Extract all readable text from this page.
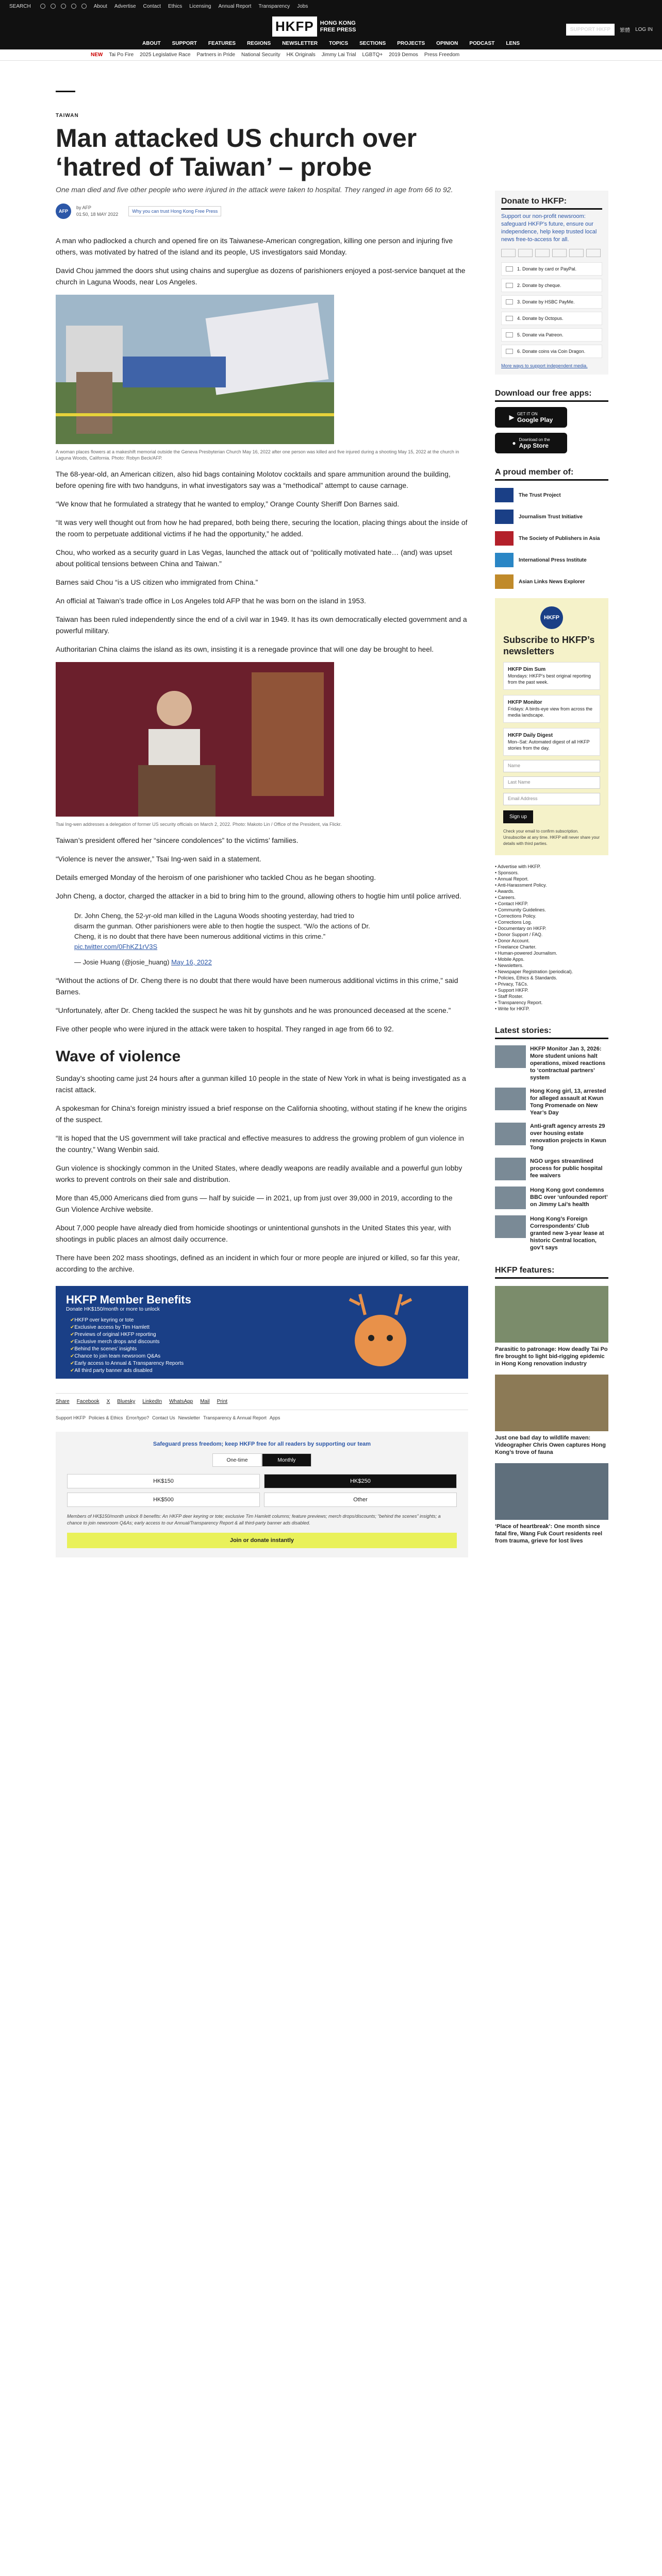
SEARCH	About Advertise Contact Ethics Licensing Annual Report Transparency Jobs
HKFP	HONG KONG
FREE PRESS	SUPPORT HKFP	繁體 LOG IN
ABOUT SUPPORT FEATURES REGIONS NEWSLETTER TOPICS SECTIONS PROJECTS OPINION PODCAST LENS
NEW Tai Po Fire 2025 Legislative Race Partners in Pride National Security HK Originals Jimmy Lai Trial LGBTQ+ 2019 Demos Press Freedom
TAIWAN
Man attacked US church over ‘hatred of Taiwan’ – probe
One man died and five other people who were injured in the attack were taken to hospital. They ranged in age from 66 to 92.
AFP
by AFP
01:50, 18 MAY 2022
Why you can trust Hong Kong Free Press

A man who padlocked a church and opened fire on its Taiwanese-American congregation, killing one person and injuring five others, was motivated by hatred of the island and its people, US investigators said Monday.

David Chou jammed the doors shut using chains and superglue as dozens of parishioners enjoyed a post-service banquet at the church in Laguna Woods, near Los Angeles.

A woman places flowers at a makeshift memorial outside the Geneva Presbyterian Church May 16, 2022 after one person was killed and five injured during a shooting May 15, 2022 at the church in Laguna Woods, California. Photo: Robyn Beck/AFP.

The 68-year-old, an American citizen, also hid bags containing Molotov cocktails and spare ammunition around the building, before opening fire with two handguns, in what investigators say was a “methodical” attempt to cause carnage.

“We know that he formulated a strategy that he wanted to employ,” Orange County Sheriff Don Barnes said.

“It was very well thought out from how he had prepared, both being there, securing the location, placing things about the inside of the room to perpetuate additional victims if he had the opportunity,” he added.

Chou, who worked as a security guard in Las Vegas, launched the attack out of “politically motivated hate… (and) was upset about political tensions between China and Taiwan.”

Barnes said Chou “is a US citizen who immigrated from China.”

An official at Taiwan’s trade office in Los Angeles told AFP that he was born on the island in 1953.

Taiwan has been ruled independently since the end of a civil war in 1949. It has its own democratically elected government and a powerful military.

Authoritarian China claims the island as its own, insisting it is a renegade province that will one day be brought to heel.

Tsai Ing-wen addresses a delegation of former US security officials on March 2, 2022. Photo: Makoto Lin / Office of the President, via Flickr.

Taiwan’s president offered her “sincere condolences” to the victims’ families.

“Violence is never the answer,” Tsai Ing-wen said in a statement.

Details emerged Monday of the heroism of one parishioner who tackled Chou as he began shooting.

John Cheng, a doctor, charged the attacker in a bid to bring him to the ground, allowing others to hogtie him until police arrived.

Dr. John Cheng, the 52-yr-old man killed in the Laguna Woods shooting yesterday, had tried to disarm the gunman. Other parishioners were able to then hogtie the suspect. “W/o the actions of Dr. Cheng, it is no doubt that there have been numerous additional victims in this crime.”
pic.twitter.com/0FhKZ1rV3S
— Josie Huang (@josie_huang) May 16, 2022

“Without the actions of Dr. Cheng there is no doubt that there would have been numerous additional victims in this crime,” said Barnes.

“Unfortunately, after Dr. Cheng tackled the suspect he was hit by gunshots and he was pronounced deceased at the scene.”

Five other people who were injured in the attack were taken to hospital. They ranged in age from 66 to 92.

Wave of violence

Sunday’s shooting came just 24 hours after a gunman killed 10 people in the state of New York in what is being investigated as a racist attack.

A spokesman for China’s foreign ministry issued a brief response on the California shooting, without stating if he knew the origins of the suspect.

“It is hoped that the US government will take practical and effective measures to address the growing problem of gun violence in the country,” Wang Wenbin said.

Gun violence is shockingly common in the United States, where deadly weapons are readily available and a powerful gun lobby works to prevent controls on their sale and distribution.

More than 45,000 Americans died from guns — half by suicide — in 2021, up from just over 39,000 in 2019, according to the Gun Violence Archive website.

About 7,000 people have already died from homicide shootings or unintentional gunshots in the United States this year, with shootings in public places an almost daily occurrence.

There have been 202 mass shootings, defined as an incident in which four or more people are injured or killed, so far this year, according to the archive.

HKFP Member Benefits
Donate HK$150/month or more to unlock
✔ HKFP over keyring or tote
✔ Exclusive access by Tim Hamlett
✔ Previews of original HKFP reporting
✔ Exclusive merch drops and discounts
✔ Behind the scenes’ insights
✔ Chance to join team newsroom Q&As
✔ Early access to Annual & Transparency Reports
✔ All third party banner ads disabled
Share Facebook X Bluesky LinkedIn WhatsApp Mail Print
Support HKFP Policies & Ethics Error/typo? Contact Us Newsletter Transparency & Annual Report Apps
Safeguard press freedom; keep HKFP free for all readers by supporting our team
One-time	Monthly
HK$150	HK$250
HK$500	Other
Members of HK$150/month unlock 8 benefits: An HKFP deer keyring or tote; exclusive Tim Hamlett columns; feature previews; merch drops/discounts; “behind the scenes” insights; a chance to join newsroom Q&As; early access to our Annual/Transparency Report & all third-party banner ads disabled.
Join or donate instantly
Donate to HKFP:
Support our non-profit newsroom: safeguard HKFP’s future, ensure our independence, help keep trusted local news free-to-access for all.
1. Donate by card or PayPal.
2. Donate by cheque.
3. Donate by HSBC PayMe.
4. Donate by Octopus.
5. Donate via Patreon.
6. Donate coins via Coin Dragon.
More ways to support independent media.
Download our free apps:
▶ GET IT ON
Google Play
● Download on the
App Store
A proud member of:
The Trust Project
Journalism Trust Initiative
The Society of Publishers in Asia
International Press Institute
Asian Links News Explorer
HKFP
Subscribe to HKFP’s newsletters
HKFP Dim Sum
Mondays: HKFP’s best original reporting from the past week.
HKFP Monitor
Fridays: A birds-eye view from across the media landscape.
HKFP Daily Digest
Mon–Sat: Automated digest of all HKFP stories from the day.
Name
Last Name
Email Address
Sign up
Check your email to confirm subscription. Unsubscribe at any time. HKFP will never share your details with third parties.
• Advertise with HKFP.
• Sponsors.
• Annual Report.
• Anti-Harassment Policy.
• Awards.
• Careers.
• Contact HKFP.
• Community Guidelines.
• Corrections Policy.
• Corrections Log.
• Documentary on HKFP.
• Donor Support / FAQ.
• Donor Account.
• Freelance Charter.
• Human-powered Journalism.
• Mobile Apps.
• Newsletters.
• Newspaper Registration (periodical).
• Policies, Ethics & Standards.
• Privacy, T&Cs.
• Support HKFP.
• Staff Roster.
• Transparency Report.
• Write for HKFP.
Latest stories:
HKFP Monitor Jan 3, 2026: More student unions halt operations, mixed reactions to ‘contractual partners’ system
Hong Kong girl, 13, arrested for alleged assault at Kwun Tong Promenade on New Year’s Day
Anti-graft agency arrests 29 over housing estate renovation projects in Kwun Tong
NGO urges streamlined process for public hospital fee waivers
Hong Kong govt condemns BBC over ‘unfounded report’ on Jimmy Lai’s health
Hong Kong’s Foreign Correspondents’ Club granted new 3-year lease at historic Central location, gov’t says
HKFP features:
Parasitic to patronage: How deadly Tai Po fire brought to light bid-rigging epidemic in Hong Kong renovation industry
Just one bad day to wildlife maven: Videographer Chris Owen captures Hong Kong’s trove of fauna
‘Place of heartbreak’: One month since fatal fire, Wang Fuk Court residents reel from trauma, grieve for lost lives
